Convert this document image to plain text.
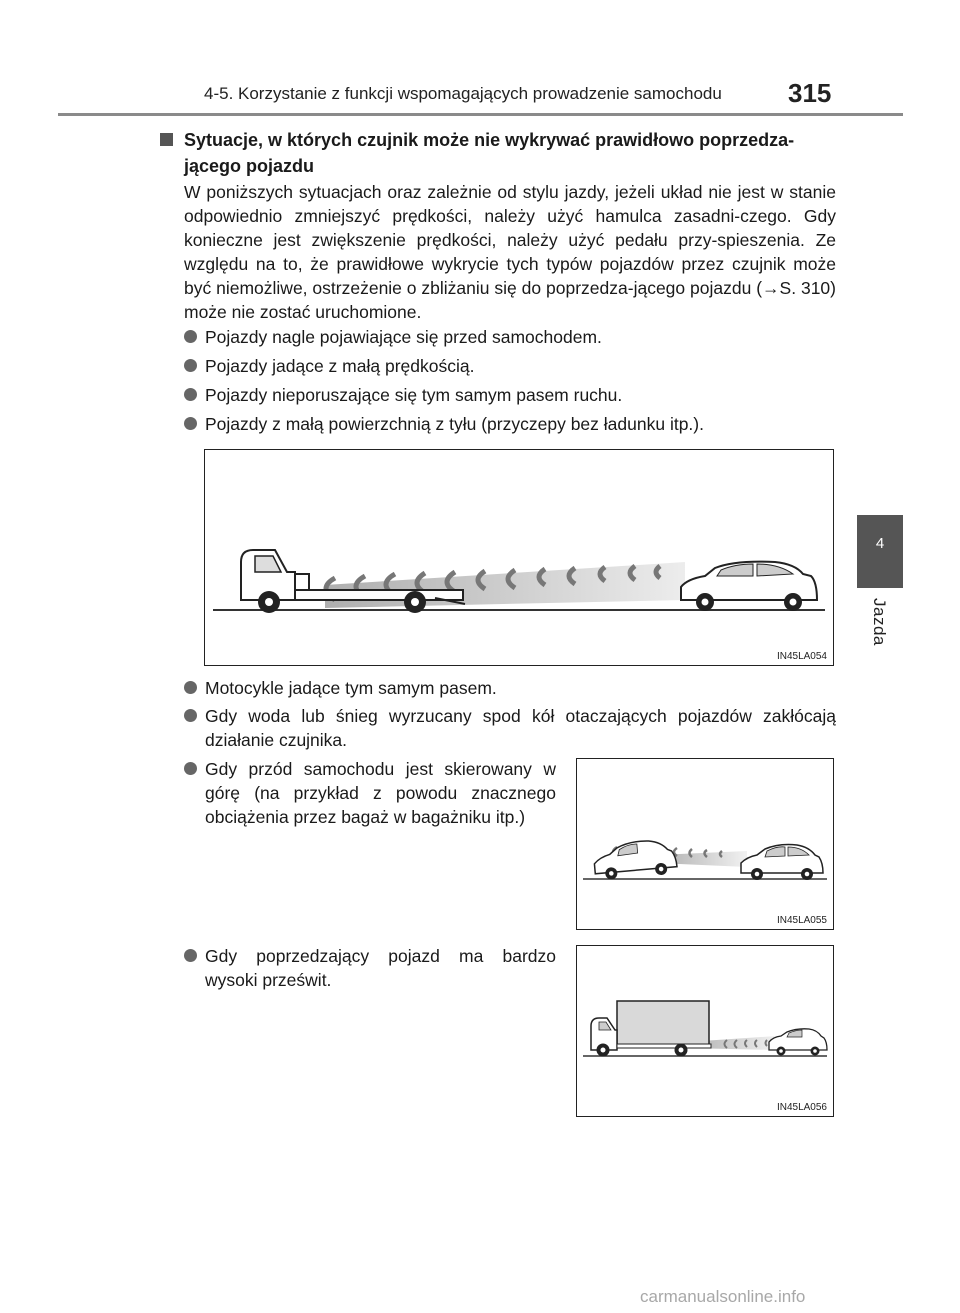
4-5. Korzystanie z funkcji wspomagających prowadzenie samochodu	315
4
Jazda
Sytuacje, w których czujnik może nie wykrywać prawidłowo poprzedza-jącego pojazdu
W poniższych sytuacjach oraz zależnie od stylu jazdy, jeżeli układ nie jest w stanie odpowiednio zmniejszyć prędkości, należy użyć hamulca zasadni-czego. Gdy konieczne jest zwiększenie prędkości, należy użyć pedału przy-spieszenia. Ze względu na to, że prawidłowe wykrycie tych typów pojazdów przez czujnik może być niemożliwe, ostrzeżenie o zbliżaniu się do poprzedza-jącego pojazdu (→S. 310) może nie zostać uruchomione.
Pojazdy nagle pojawiające się przed samochodem.
Pojazdy jadące z małą prędkością.
Pojazdy nieporuszające się tym samym pasem ruchu.
Pojazdy z małą powierzchnią z tyłu (przyczepy bez ładunku itp.).
IN45LA054
Motocykle jadące tym samym pasem.
Gdy woda lub śnieg wyrzucany spod kół otaczających pojazdów zakłócają działanie czujnika.
Gdy przód samochodu jest skierowany w górę (na przykład z powodu znacznego obciążenia przez bagaż w bagażniku itp.)
IN45LA055
Gdy poprzedzający pojazd ma bardzo wysoki prześwit.
IN45LA056
carmanualsonline.info
